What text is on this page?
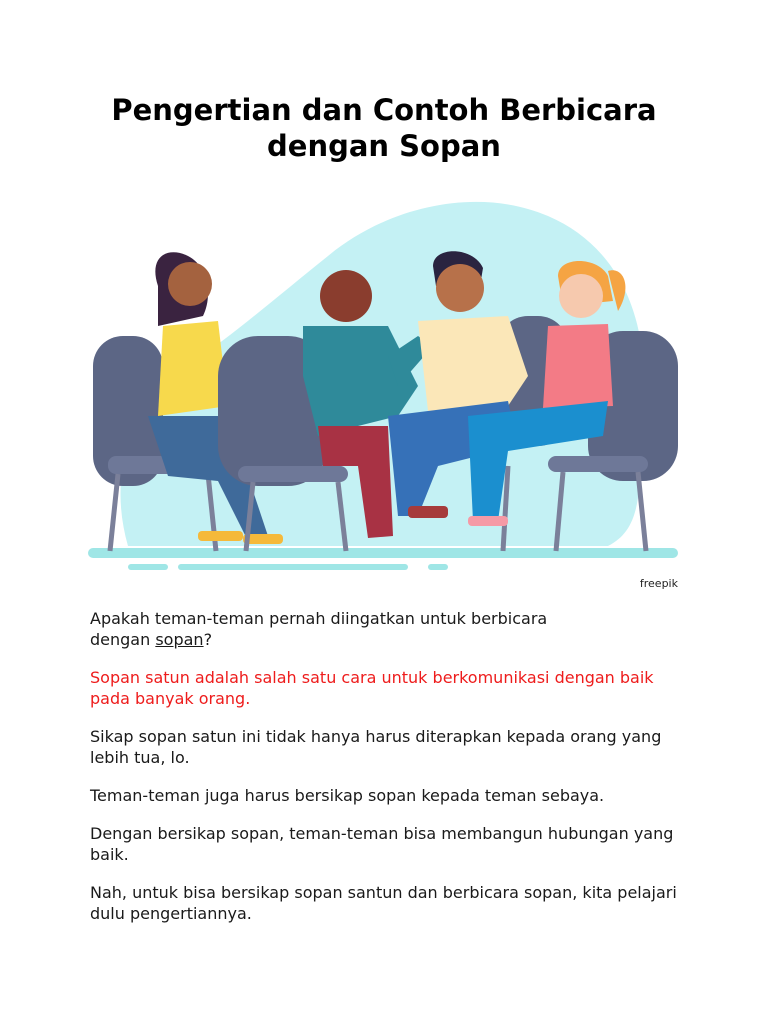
Pengertian dan Contoh Berbicara dengan Sopan
freepik

Apakah teman-teman pernah diingatkan untuk berbicara
dengan sopan?

Sopan satun adalah salah satu cara untuk berkomunikasi dengan baik pada banyak orang.

Sikap sopan satun ini tidak hanya harus diterapkan kepada orang yang lebih tua, lo.

Teman-teman juga harus bersikap sopan kepada teman sebaya.

Dengan bersikap sopan, teman-teman bisa membangun hubungan yang baik.

Nah, untuk bisa bersikap sopan santun dan berbicara sopan, kita pelajari dulu pengertiannya.
